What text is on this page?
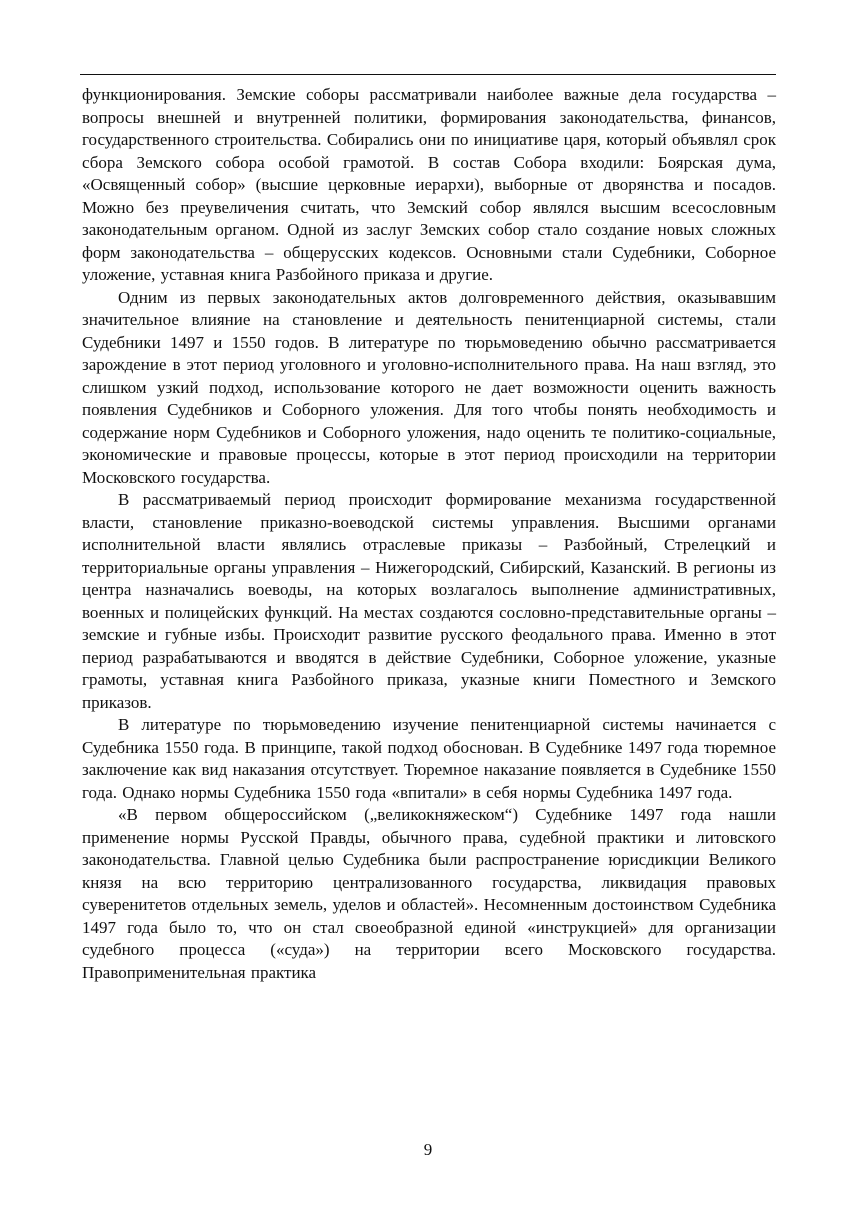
функционирования. Земские соборы рассматривали наиболее важные дела государства – вопросы внешней и внутренней политики, формирования законодательства, финансов, государственного строительства. Собирались они по инициативе царя, который объявлял срок сбора Земского собора особой грамотой. В состав Собора входили: Боярская дума, «Освященный собор» (высшие церковные иерархи), выборные от дворянства и посадов. Можно без преувеличения считать, что Земский собор являлся высшим всесословным законодательным органом. Одной из заслуг Земских собор стало создание новых сложных форм законодательства – общерусских кодексов. Основными стали Судебники, Соборное уложение, уставная книга Разбойного приказа и другие.

Одним из первых законодательных актов долговременного действия, оказывавшим значительное влияние на становление и деятельность пенитенциарной системы, стали Судебники 1497 и 1550 годов. В литературе по тюрьмоведению обычно рассматривается зарождение в этот период уголовного и уголовно-исполнительного права. На наш взгляд, это слишком узкий подход, использование которого не дает возможности оценить важность появления Судебников и Соборного уложения. Для того чтобы понять необходимость и содержание норм Судебников и Соборного уложения, надо оценить те политико-социальные, экономические и правовые процессы, которые в этот период происходили на территории Московского государства.

В рассматриваемый период происходит формирование механизма государственной власти, становление приказно-воеводской системы управления. Высшими органами исполнительной власти являлись отраслевые приказы – Разбойный, Стрелецкий и территориальные органы управления – Нижегородский, Сибирский, Казанский. В регионы из центра назначались воеводы, на которых возлагалось выполнение административных, военных и полицейских функций. На местах создаются сословно-представительные органы – земские и губные избы. Происходит развитие русского феодального права. Именно в этот период разрабатываются и вводятся в действие Судебники, Соборное уложение, указные грамоты, уставная книга Разбойного приказа, указные книги Поместного и Земского приказов.

В литературе по тюрьмоведению изучение пенитенциарной системы начинается с Судебника 1550 года. В принципе, такой подход обоснован. В Судебнике 1497 года тюремное заключение как вид наказания отсутствует. Тюремное наказание появляется в Судебнике 1550 года. Однако нормы Судебника 1550 года «впитали» в себя нормы Судебника 1497 года.

«В первом общероссийском („великокняжеском“) Судебнике 1497 года нашли применение нормы Русской Правды, обычного права, судебной практики и литовского законодательства. Главной целью Судебника были распространение юрисдикции Великого князя на всю территорию централизованного государства, ликвидация правовых суверенитетов отдельных земель, уделов и областей». Несомненным достоинством Судебника 1497 года было то, что он стал своеобразной единой «инструкцией» для организации судебного процесса («суда») на территории всего Московского государства. Правоприменительная практика

9
